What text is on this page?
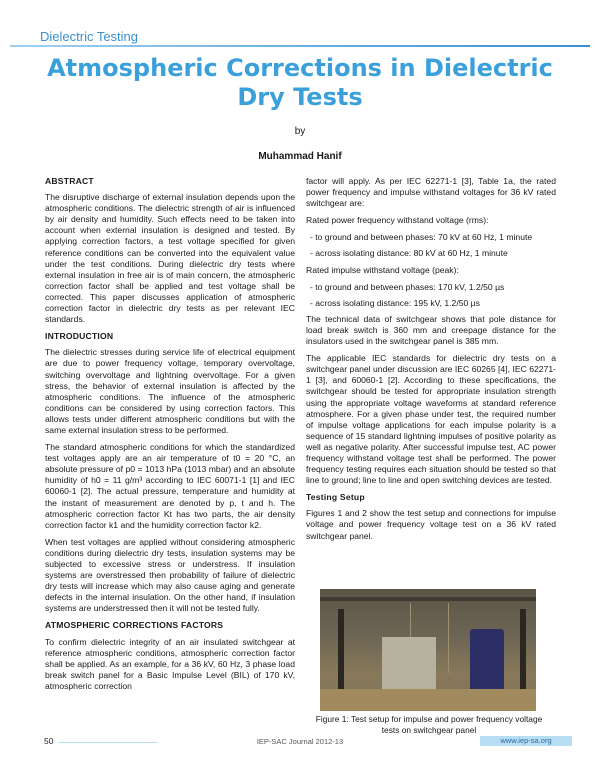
Dielectric Testing
Atmospheric Corrections in Dielectric Dry Tests
by
Muhammad Hanif
ABSTRACT

The disruptive discharge of external insulation depends upon the atmospheric conditions. The dielectric strength of air is influenced by air density and humidity. Such effects need to be taken into account when external insulation is designed and tested. By applying correction factors, a test voltage specified for given reference conditions can be converted into the equivalent value under the test conditions. During dielectric dry tests where external insulation in free air is of main concern, the atmospheric correction factor shall be applied and test voltage shall be corrected. This paper discusses application of atmospheric correction factor in dielectric dry tests as per relevant IEC standards.

INTRODUCTION

The dielectric stresses during service life of electrical equipment are due to power frequency voltage, temporary overvoltage, switching overvoltage and lightning overvoltage. For a given stress, the behavior of external insulation is affected by the atmospheric conditions. The influence of the atmospheric conditions can be considered by using correction factors. This allows tests under different atmospheric conditions but with the same external insulation stress to be performed.

The standard atmospheric conditions for which the standardized test voltages apply are an air temperature of t0 = 20 °C, an absolute pressure of p0 = 1013 hPa (1013 mbar) and an absolute humidity of h0 = 11 g/m³ according to IEC 60071-1 [1] and IEC 60060-1 [2]. The actual pressure, temperature and humidity at the instant of measurement are denoted by p, t and h. The atmospheric correction factor Kt has two parts, the air density correction factor k1 and the humidity correction factor k2.

When test voltages are applied without considering atmospheric conditions during dielectric dry tests, insulation systems may be subjected to excessive stress or understress. If insulation systems are overstressed then probability of failure of dielectric dry tests will increase which may also cause aging and generate defects in the internal insulation. On the other hand, if insulation systems are understressed then it will not be tested fully.

ATMOSPHERIC CORRECTIONS FACTORS

To confirm dielectric integrity of an air insulated switchgear at reference atmospheric conditions, atmospheric correction factor shall be applied. As an example, for a 36 kV, 60 Hz, 3 phase load break switch panel for a Basic Impulse Level (BIL) of 170 kV, atmospheric correction

factor will apply. As per IEC 62271-1 [3], Table 1a, the rated power frequency and impulse withstand voltages for 36 kV rated switchgear are:

Rated power frequency withstand voltage (rms):

- to ground and between phases: 70 kV at 60 Hz, 1 minute
- across isolating distance: 80 kV at 60 Hz, 1 minute

Rated impulse withstand voltage (peak):

- to ground and between phases: 170 kV, 1.2/50 µs
- across isolating distance: 195 kV, 1.2/50 µs

The technical data of switchgear shows that pole distance for load break switch is 360 mm and creepage distance for the insulators used in the switchgear panel is 385 mm.

The applicable IEC standards for dielectric dry tests on a switchgear panel under discussion are IEC 60265 [4], IEC 62271-1 [3], and 60060-1 [2]. According to these specifications, the switchgear should be tested for appropriate insulation strength using the appropriate voltage waveforms at standard reference atmosphere. For a given phase under test, the required number of impulse voltage applications for each impulse polarity is a sequence of 15 standard lightning impulses of positive polarity as well as negative polarity. After successful impulse test, AC power frequency withstand voltage test shall be performed. The power frequency testing requires each situation should be tested so that line to ground; line to line and open switching devices are tested.

Testing Setup

Figures 1 and 2 show the test setup and connections for impulse voltage and power frequency voltage test on a 36 kV rated switchgear panel.

Figure 1: Test setup for impulse and power frequency voltage tests on switchgear panel
50	IEP-SAC Journal 2012-13	www.iep-sa.org
